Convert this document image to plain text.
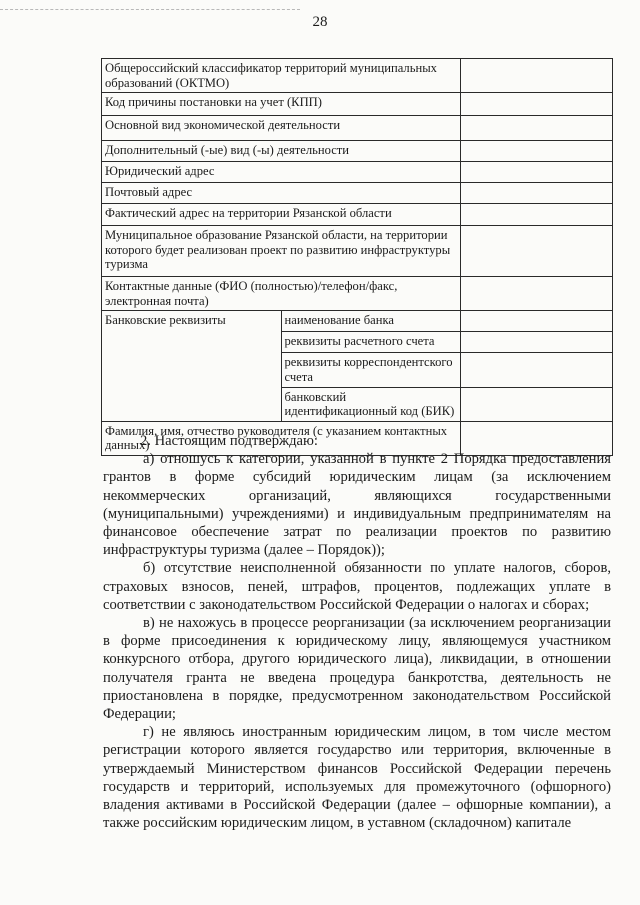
28
Общероссийский классификатор территорий муниципальных образований (ОКТМО)		
Код причины постановки на учет (КПП)		
Основной вид экономической деятельности		
Дополнительный (-ые) вид (-ы) деятельности		
Юридический адрес		
Почтовый адрес		
Фактический адрес на территории Рязанской области		
Муниципальное образование Рязанской области, на территории которого будет реализован проект по развитию инфраструктуры туризма		
Контактные данные (ФИО (полностью)/телефон/факс, электронная почта)		
Банковские реквизиты	наименование банка	
	реквизиты расчетного счета	
	реквизиты корреспондентского счета	
	банковский идентификационный код (БИК)	
Фамилия, имя, отчество руководителя (с указанием контактных данных)		

2. Настоящим подтверждаю:

а) отношусь к категории, указанной в пункте 2 Порядка предоставления грантов в форме субсидий юридическим лицам (за исключением некоммерческих организаций, являющихся государственными (муниципальными) учреждениями) и индивидуальным предпринимателям на финансовое обеспечение затрат по реализации проектов по развитию инфраструктуры туризма (далее – Порядок));

б) отсутствие неисполненной обязанности по уплате налогов, сборов, страховых взносов, пеней, штрафов, процентов, подлежащих уплате в соответствии с законодательством Российской Федерации о налогах и сборах;

в) не нахожусь в процессе реорганизации (за исключением реорганизации в форме присоединения к юридическому лицу, являющемуся участником конкурсного отбора, другого юридического лица), ликвидации, в отношении получателя гранта не введена процедура банкротства, деятельность не приостановлена в порядке, предусмотренном законодательством Российской Федерации;

г) не являюсь иностранным юридическим лицом, в том числе местом регистрации которого является государство или территория, включенные в утверждаемый Министерством финансов Российской Федерации перечень государств и территорий, используемых для промежуточного (офшорного) владения активами в Российской Федерации (далее – офшорные компании), а также российским юридическим лицом, в уставном (складочном) капитале
